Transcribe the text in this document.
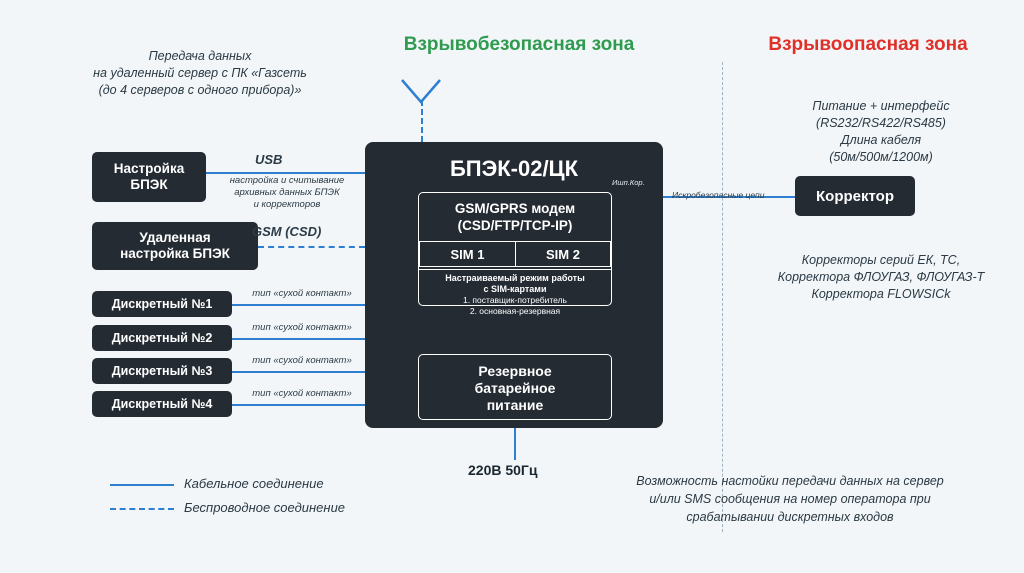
Взрывобезопасная зона	Взрывоопасная зона
Передача данных
на удаленный сервер с ПК «Газсеть
(до 4 серверов с одного прибора)»
БПЭК-02/ЦК
GSM/GPRS модем
(CSD/FTP/TCP-IP)
SIM 1	SIM 2
Настраиваемый режим работы
с SIM-картами
1. поставщик-потребитель
2. основная-резервная
Резервное
батарейное
питание
Ишп.Кор.
Настройка
БПЭК
Удаленная
настройка БПЭК
Дискретный №1
Дискретный №2
Дискретный №3
Дискретный №4
USB
настройка и считывание
архивных данных БПЭК
и корректоров
GSM (CSD)
тип «сухой контакт»
тип «сухой контакт»
тип «сухой контакт»
тип «сухой контакт»
Искробезопасные цепи	Корректор
Питание + интерфейс
(RS232/RS422/RS485)
Длина кабеля
(50м/500м/1200м)
Корректоры серий ЕК, ТС,
Корректора ФЛОУГАЗ, ФЛОУГАЗ-Т
Корректора FLOWSICk
220В 50Гц
Возможность настойки передачи данных на сервер
и/или SMS сообщения на номер оператора при
срабатывании дискретных входов
Кабельное соединение
Беспроводное соединение
